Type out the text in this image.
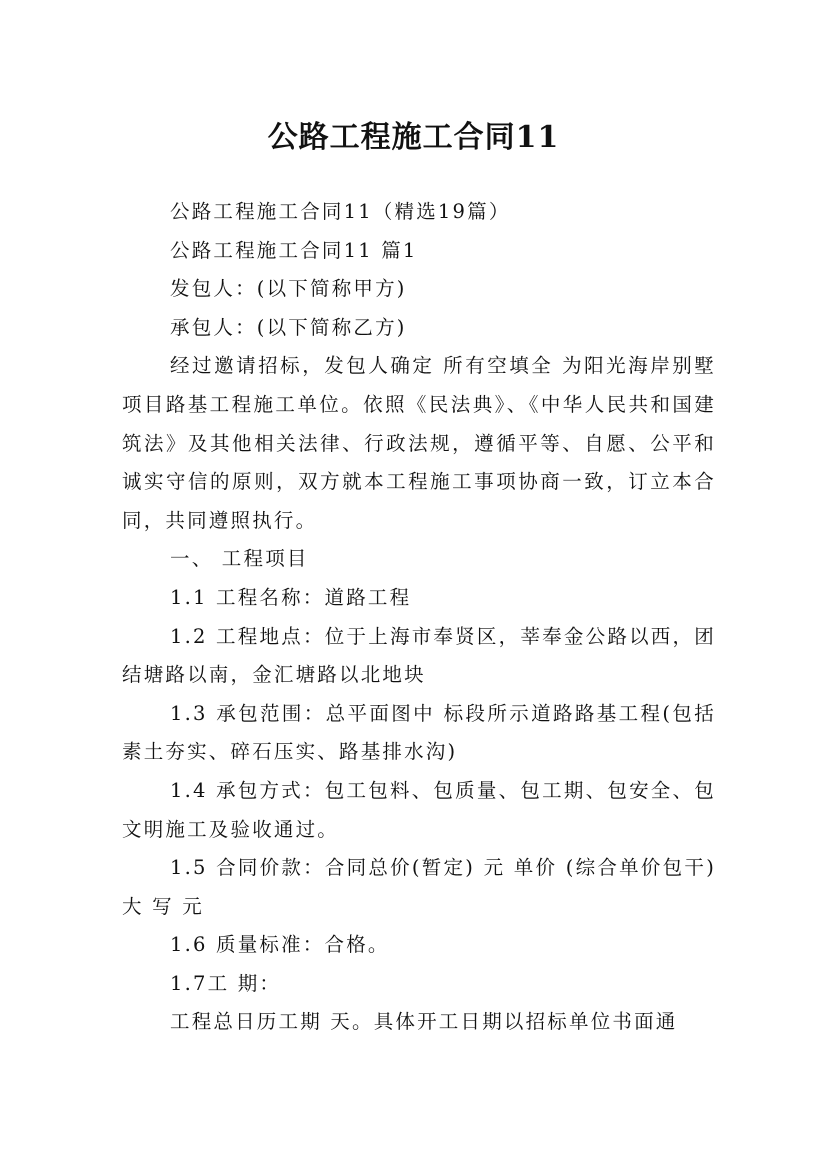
公路工程施工合同11

公路工程施工合同11（精选19篇）

公路工程施工合同11 篇1

发包人：(以下简称甲方)

承包人：(以下简称乙方)

经过邀请招标，发包人确定 所有空填全 为阳光海岸别墅项目路基工程施工单位。依照《民法典》、《中华人民共和国建筑法》及其他相关法律、行政法规，遵循平等、自愿、公平和诚实守信的原则，双方就本工程施工事项协商一致，订立本合同，共同遵照执行。

一、 工程项目

1.1 工程名称：道路工程

1.2 工程地点：位于上海市奉贤区，莘奉金公路以西，团结塘路以南，金汇塘路以北地块

1.3 承包范围：总平面图中 标段所示道路路基工程(包括素土夯实、碎石压实、路基排水沟)

1.4 承包方式：包工包料、包质量、包工期、包安全、包文明施工及验收通过。

1.5 合同价款：合同总价(暂定) 元 单价 (综合单价包干)大 写 元

1.6 质量标准：合格。

1.7工 期：

工程总日历工期 天。具体开工日期以招标单位书面通
